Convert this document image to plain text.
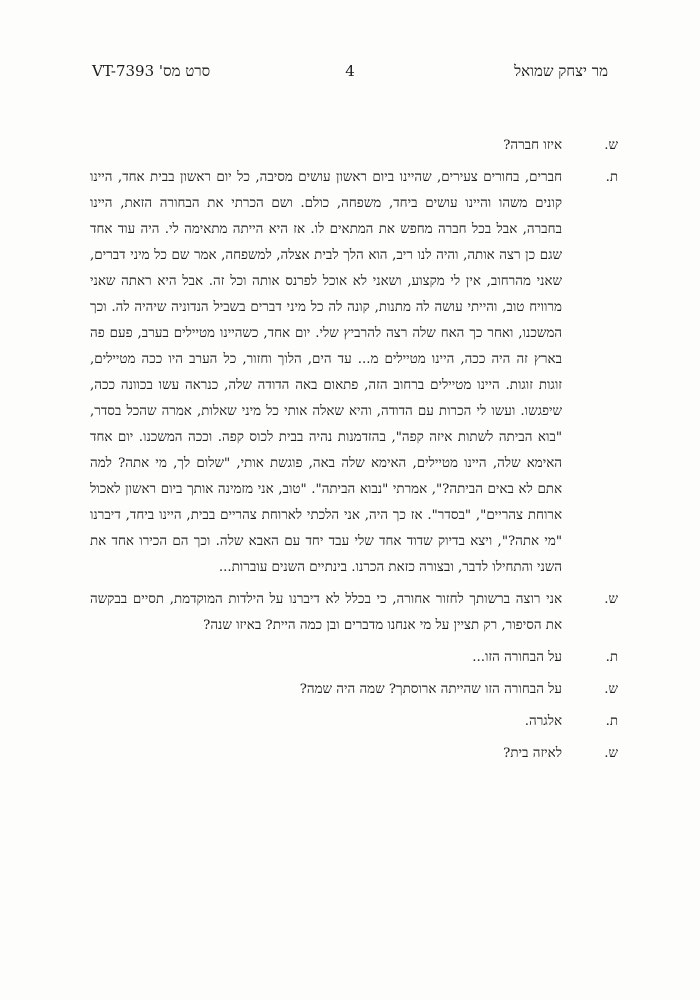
VT-7393 'סרט מס	4	מר יצחק שמואל
ש.
איזו חברה?
ת.
חברים, בחורים צעירים, שהיינו ביום ראשון עושים מסיבה, כל יום ראשון בבית אחד, היינו קונים משהו והיינו עושים ביחד, משפחה, כולם. ושם הכרתי את הבחורה הזאת, היינו בחברה, אבל בכל חברה מחפש את המתאים לו. אז היא הייתה מתאימה לי. היה עוד אחד שגם כן רצה אותה, והיה לנו ריב, הוא הלך לבית אצלה, למשפחה, אמר שם כל מיני דברים, שאני מהרחוב, אין לי מקצוע, ושאני לא אוכל לפרנס אותה וכל זה. אבל היא ראתה שאני מרוויח טוב, והייתי עושה לה מתנות, קונה לה כל מיני דברים בשביל הנדוניה שיהיה לה. וכך המשכנו, ואחר כך האח שלה רצה להרביץ שלי. יום אחד, כשהיינו מטיילים בערב, פעם פה בארץ זה היה ככה, היינו מטיילים מ... עד הים, הלוך וחזור, כל הערב היו ככה מטיילים, זוגות זוגות. היינו מטיילים ברחוב הזה, פתאום באה הדודה שלה, כנראה עשו בכוונה ככה, שיפגשו. ועשו לי הכרות עם הדודה, והיא שאלה אותי כל מיני שאלות, אמרה שהכל בסדר, "בוא הביתה לשתות איזה קפה", בהזדמנות נהיה בבית לכוס קפה. וככה המשכנו. יום אחד האימא שלה, היינו מטיילים, האימא שלה באה, פוגשת אותי, "שלום לך, מי אתה? למה אתם לא באים הביתה?", אמרתי "נבוא הביתה". "טוב, אני מזמינה אותך ביום ראשון לאכול ארוחת צהריים", "בסדר". אז כך היה, אני הלכתי לארוחת צהריים בבית, היינו ביחד, דיברנו "מי אתה?", ויצא בדיוק שדוד אחד שלי עבד יחד עם האבא שלה. וכך הם הכירו אחד את השני והתחילו לדבר, ובצורה כזאת הכרנו. בינתיים השנים עוברות...
ש.
אני רוצה ברשותך לחזור אחורה, כי בכלל לא דיברנו על הילדות המוקדמת, תסיים בבקשה את הסיפור, רק תציין על מי אנחנו מדברים ובן כמה היית? באיזו שנה?
ת.
על הבחורה הזו...
ש.
על הבחורה הזו שהייתה ארוסתך? שמה היה שמה?
ת.
אלגרה.
ש.
לאיזה בית?
